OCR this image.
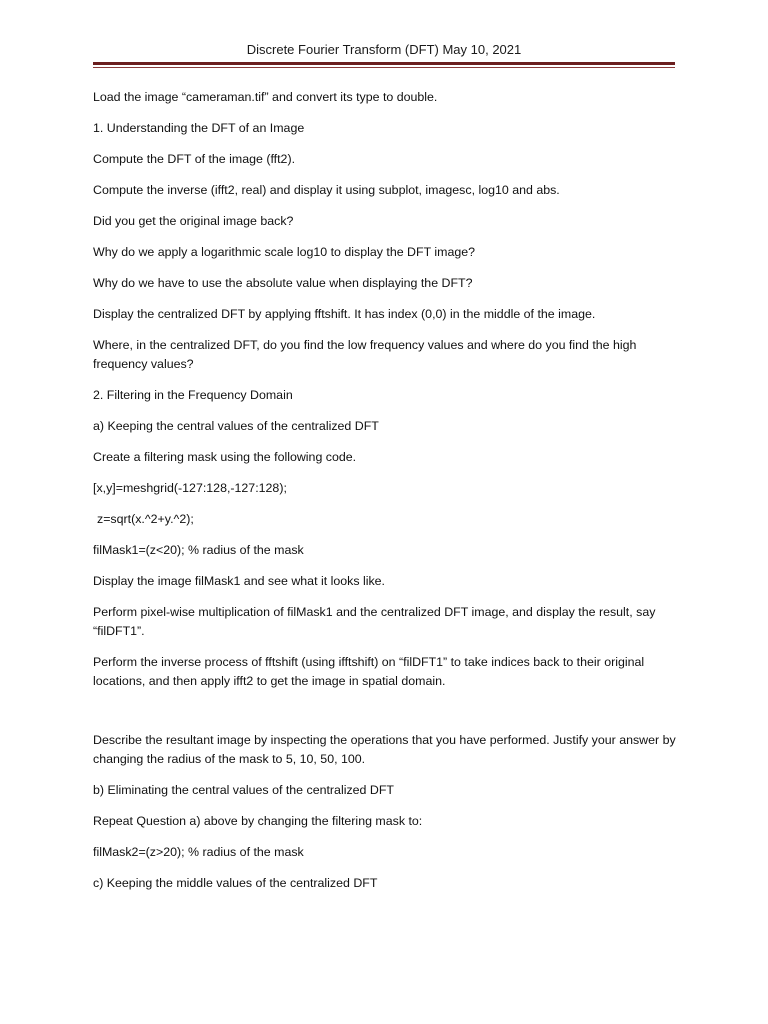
Discrete Fourier Transform (DFT) May 10, 2021

Load the image “cameraman.tif” and convert its type to double.

1. Understanding the DFT of an Image

Compute the DFT of the image (fft2).

Compute the inverse (ifft2, real) and display it using subplot, imagesc, log10 and abs.

Did you get the original image back?

Why do we apply a logarithmic scale log10 to display the DFT image?

Why do we have to use the absolute value when displaying the DFT?

Display the centralized DFT by applying fftshift. It has index (0,0) in the middle of the image.

Where, in the centralized DFT, do you find the low frequency values and where do you find the high frequency values?

2. Filtering in the Frequency Domain

a) Keeping the central values of the centralized DFT

Create a filtering mask using the following code.

[x,y]=meshgrid(-127:128,-127:128);

z=sqrt(x.^2+y.^2);

filMask1=(z<20); % radius of the mask

Display the image filMask1 and see what it looks like.

Perform pixel-wise multiplication of filMask1 and the centralized DFT image, and display the result, say “filDFT1”.

Perform the inverse process of fftshift (using ifftshift) on “filDFT1” to take indices back to their original locations, and then apply ifft2 to get the image in spatial domain.

Describe the resultant image by inspecting the operations that you have performed. Justify your answer by changing the radius of the mask to 5, 10, 50, 100.

b) Eliminating the central values of the centralized DFT

Repeat Question a) above by changing the filtering mask to:

filMask2=(z>20); % radius of the mask

c) Keeping the middle values of the centralized DFT
